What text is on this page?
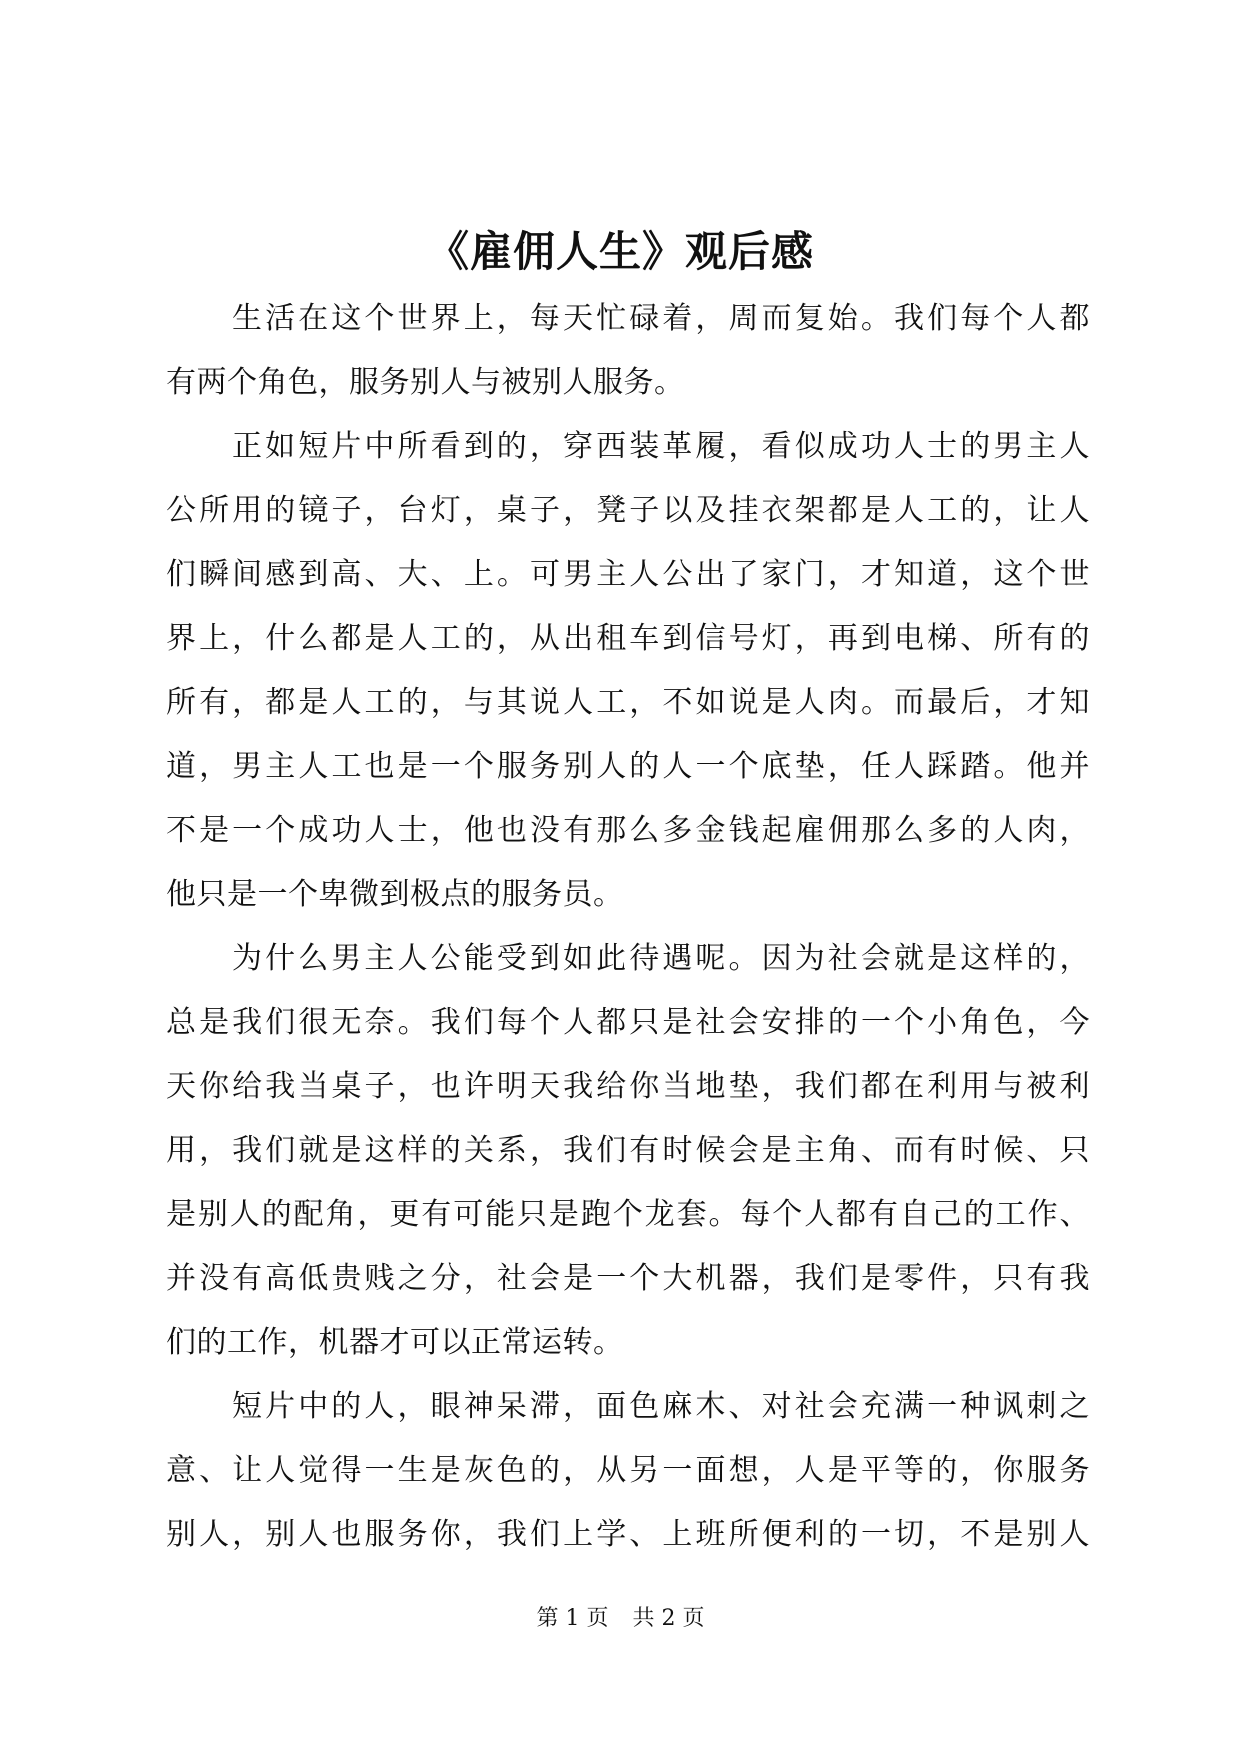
《雇佣人生》观后感
生活在这个世界上，每天忙碌着，周而复始。我们每个人都
有两个角色，服务别人与被别人服务。
正如短片中所看到的，穿西装革履，看似成功人士的男主人
公所用的镜子，台灯，桌子，凳子以及挂衣架都是人工的，让人
们瞬间感到高、大、上。可男主人公出了家门，才知道，这个世
界上，什么都是人工的，从出租车到信号灯，再到电梯、所有的
所有，都是人工的，与其说人工，不如说是人肉。而最后，才知
道，男主人工也是一个服务别人的人一个底垫，任人踩踏。他并
不是一个成功人士，他也没有那么多金钱起雇佣那么多的人肉，
他只是一个卑微到极点的服务员。
为什么男主人公能受到如此待遇呢。因为社会就是这样的，
总是我们很无奈。我们每个人都只是社会安排的一个小角色，今
天你给我当桌子，也许明天我给你当地垫，我们都在利用与被利
用，我们就是这样的关系，我们有时候会是主角、而有时候、只
是别人的配角，更有可能只是跑个龙套。每个人都有自己的工作、
并没有高低贵贱之分，社会是一个大机器，我们是零件，只有我
们的工作，机器才可以正常运转。
短片中的人，眼神呆滞，面色麻木、对社会充满一种讽刺之
意、让人觉得一生是灰色的，从另一面想，人是平等的，你服务
别人，别人也服务你，我们上学、上班所便利的一切，不是别人
第 1 页 共 2 页
